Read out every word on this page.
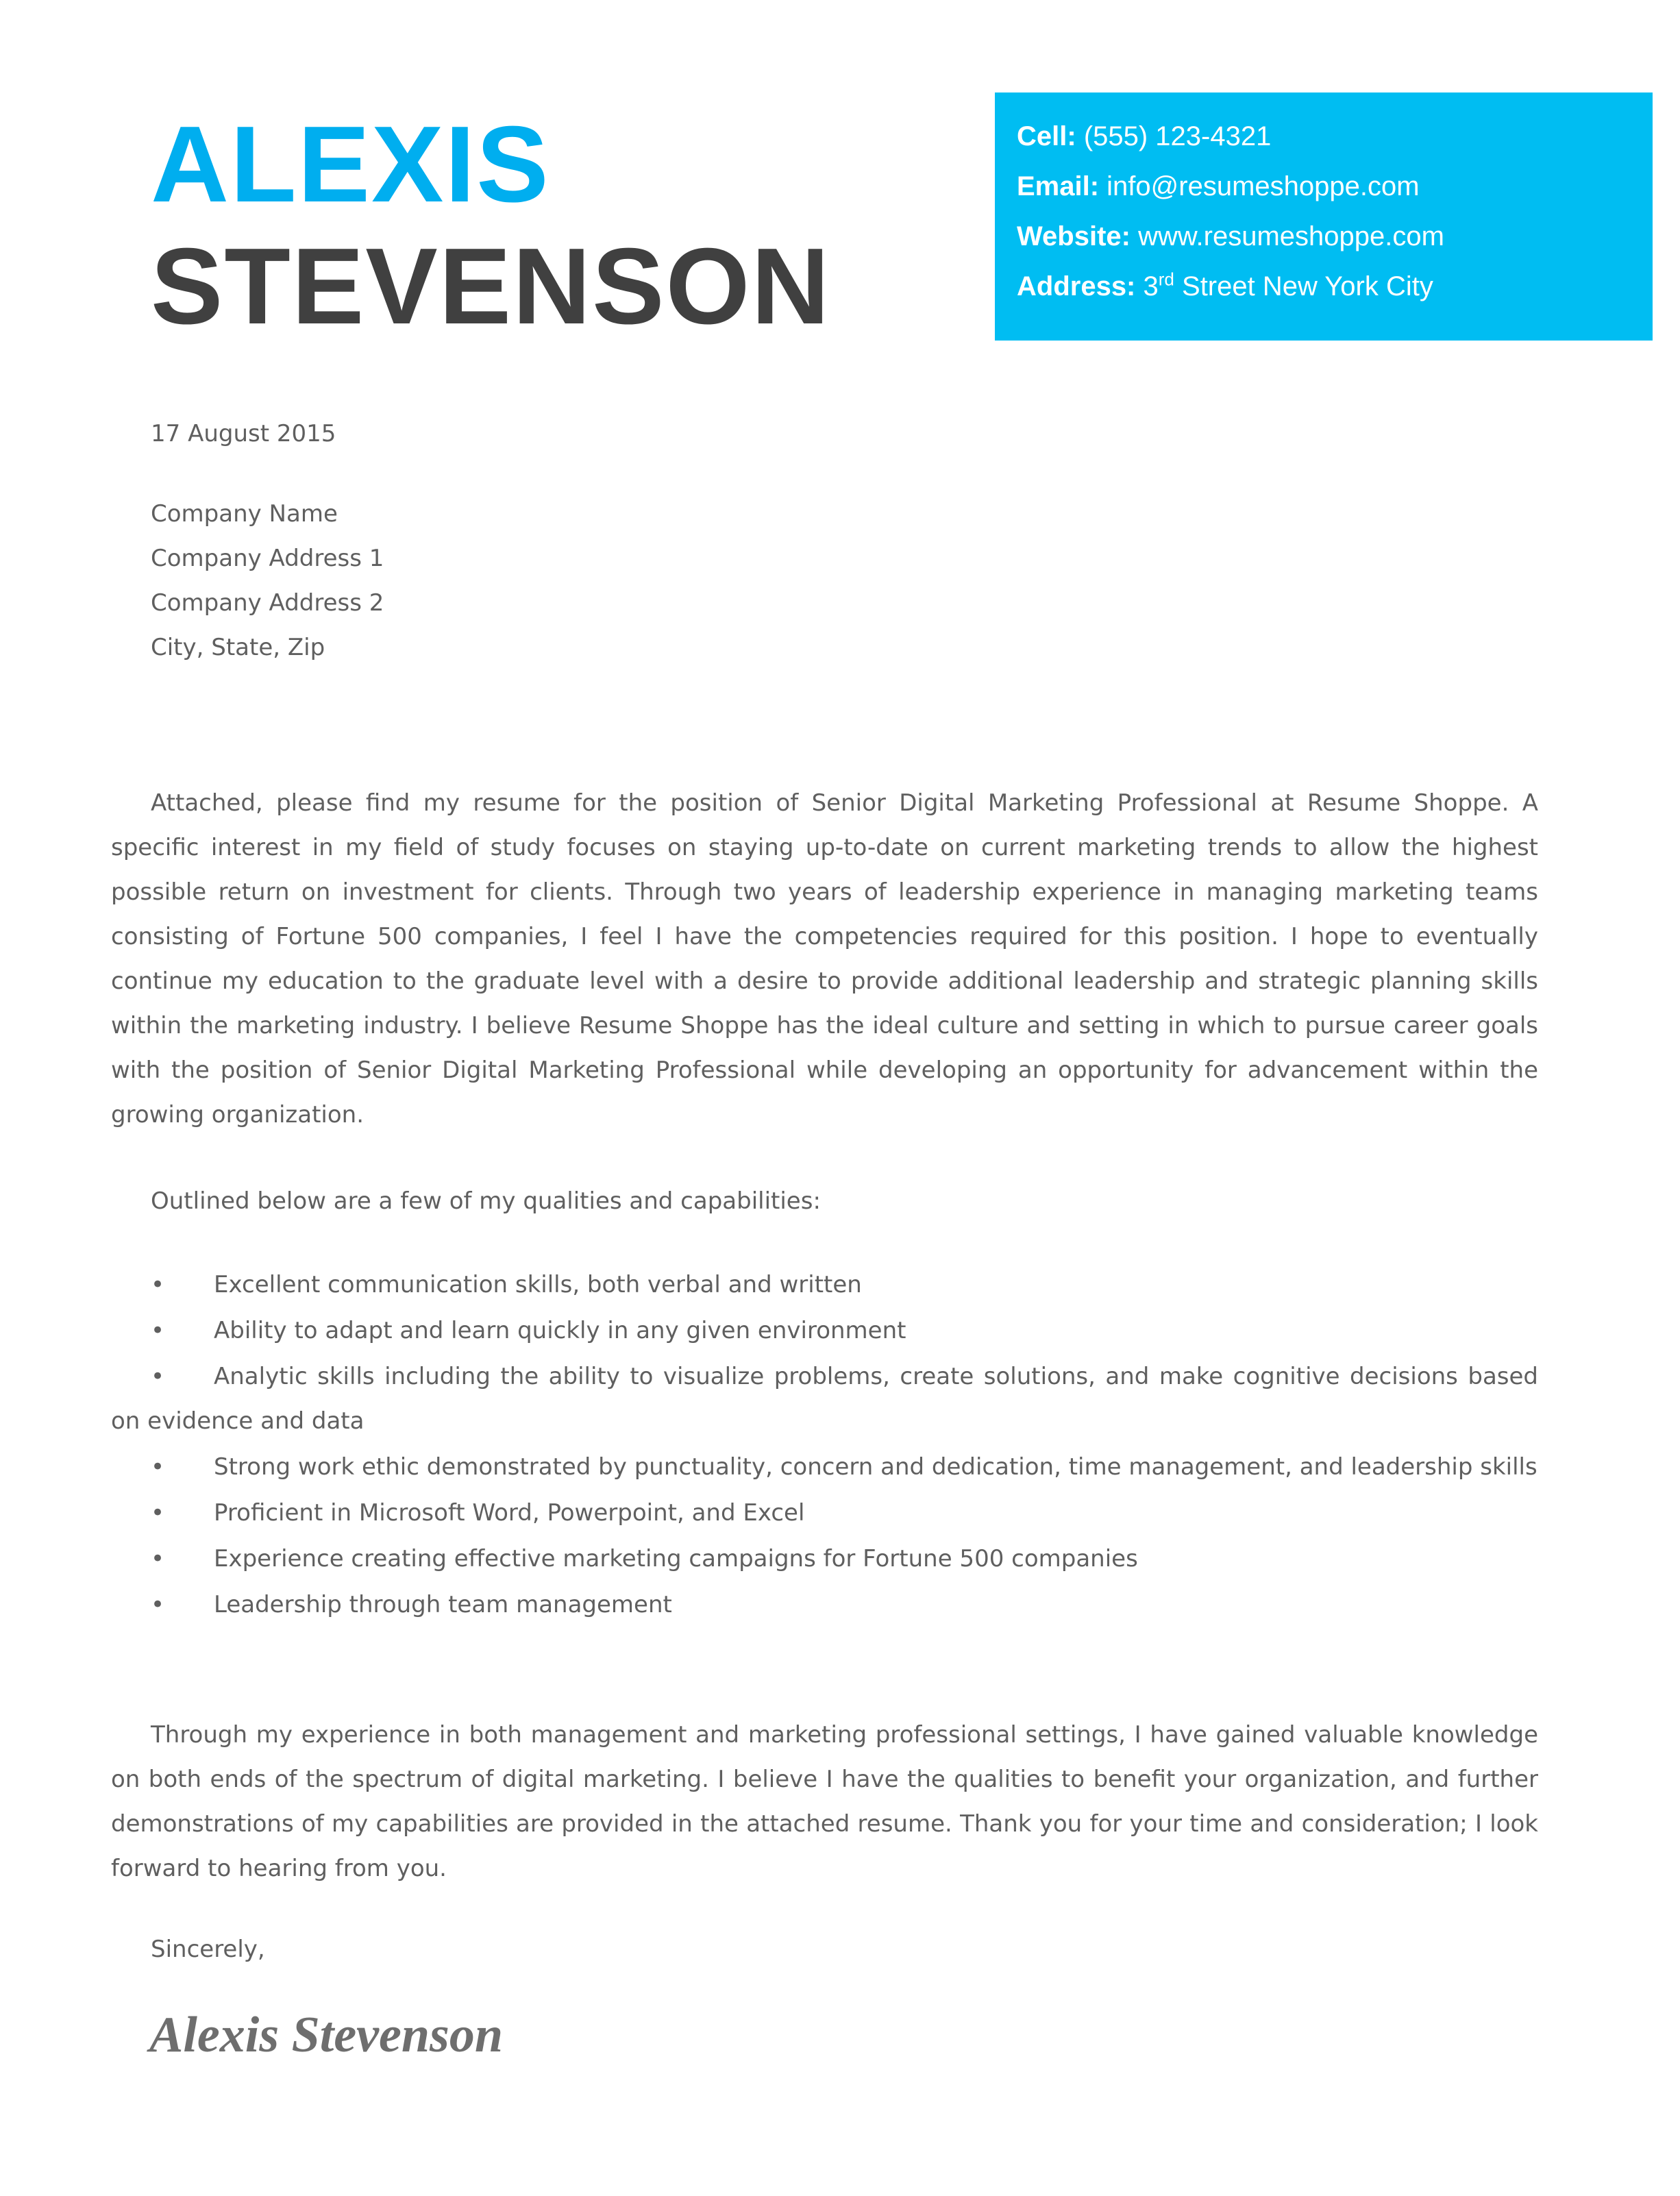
ALEXIS
STEVENSON
Cell: (555) 123-4321
Email: info@resumeshoppe.com
Website: www.resumeshoppe.com
Address: 3rd Street New York City
17 August 2015
Company Name
Company Address 1
Company Address 2
City, State, Zip

Attached, please find my resume for the position of Senior Digital Marketing Professional at Resume Shoppe. A specific interest in my field of study focuses on staying up-to-date on current marketing trends to allow the highest possible return on investment for clients. Through two years of leadership experience in managing marketing teams consisting of Fortune 500 companies, I feel I have the competencies required for this position. I hope to eventually continue my education to the graduate level with a desire to provide additional leadership and strategic planning skills within the marketing industry. I believe Resume Shoppe has the ideal culture and setting in which to pursue career goals with the position of Senior Digital Marketing Professional while developing an opportunity for advancement within the growing organization.

Outlined below are a few of my qualities and capabilities:
• Excellent communication skills, both verbal and written
• Ability to adapt and learn quickly in any given environment
• Analytic skills including the ability to visualize problems, create solutions, and make cognitive decisions based on evidence and data
• Strong work ethic demonstrated by punctuality, concern and dedication, time management, and leadership skills
• Proficient in Microsoft Word, Powerpoint, and Excel
• Experience creating effective marketing campaigns for Fortune 500 companies
• Leadership through team management

Through my experience in both management and marketing professional settings, I have gained valuable knowledge on both ends of the spectrum of digital marketing. I believe I have the qualities to benefit your organization, and further demonstrations of my capabilities are provided in the attached resume. Thank you for your time and consideration; I look forward to hearing from you.

Sincerely,
Alexis Stevenson
